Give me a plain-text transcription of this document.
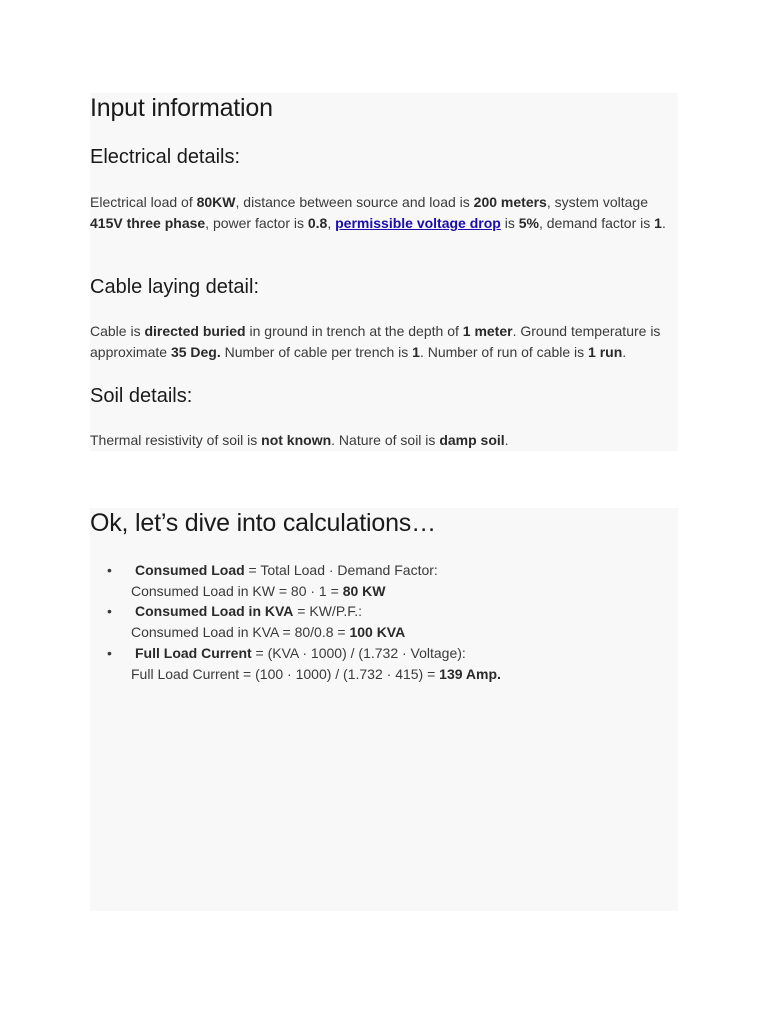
Input information
Electrical details:

Electrical load of 80KW, distance between source and load is 200 meters, system voltage 415V three phase, power factor is 0.8, permissible voltage drop is 5%, demand factor is 1.

Cable laying detail:

Cable is directed buried in ground in trench at the depth of 1 meter. Ground temperature is approximate 35 Deg. Number of cable per trench is 1. Number of run of cable is 1 run.

Soil details:

Thermal resistivity of soil is not known. Nature of soil is damp soil.

Ok, let’s dive into calculations…
• Consumed Load = Total Load · Demand Factor:
Consumed Load in KW = 80 · 1 = 80 KW
• Consumed Load in KVA = KW/P.F.:
Consumed Load in KVA = 80/0.8 = 100 KVA
• Full Load Current = (KVA · 1000) / (1.732 · Voltage):
Full Load Current = (100 · 1000) / (1.732 · 415) = 139 Amp.
